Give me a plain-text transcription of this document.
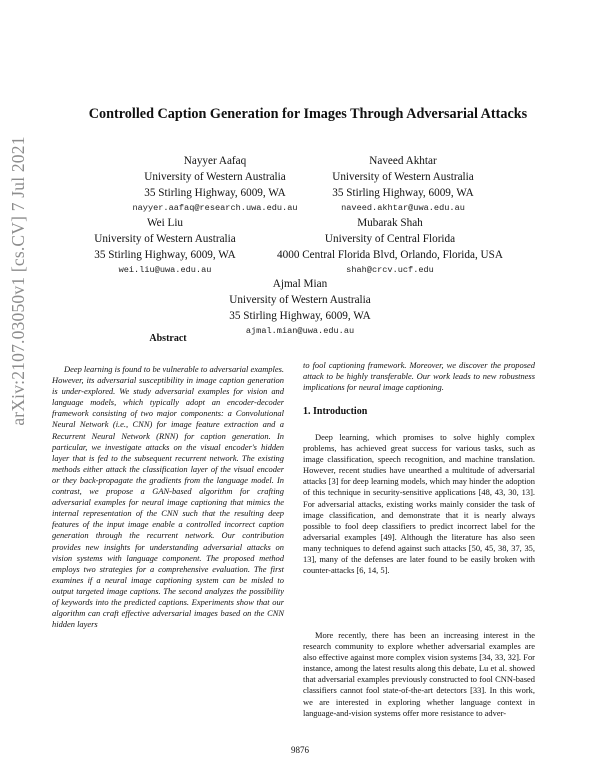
arXiv:2107.03050v1 [cs.CV] 7 Jul 2021
Controlled Caption Generation for Images Through Adversarial Attacks
Nayyer Aafaq
University of Western Australia
35 Stirling Highway, 6009, WA
nayyer.aafaq@research.uwa.edu.au
Naveed Akhtar
University of Western Australia
35 Stirling Highway, 6009, WA
naveed.akhtar@uwa.edu.au
Wei Liu
University of Western Australia
35 Stirling Highway, 6009, WA
wei.liu@uwa.edu.au
Mubarak Shah
University of Central Florida
4000 Central Florida Blvd, Orlando, Florida, USA
shah@crcv.ucf.edu
Ajmal Mian
University of Western Australia
35 Stirling Highway, 6009, WA
ajmal.mian@uwa.edu.au
Abstract

Deep learning is found to be vulnerable to adversarial examples. However, its adversarial susceptibility in image caption generation is under-explored. We study adversarial examples for vision and language models, which typically adopt an encoder-decoder framework consisting of two major components: a Convolutional Neural Network (i.e., CNN) for image feature extraction and a Recurrent Neural Network (RNN) for caption generation. In particular, we investigate attacks on the visual encoder's hidden layer that is fed to the subsequent recurrent network. The existing methods either attack the classification layer of the visual encoder or they back-propagate the gradients from the language model. In contrast, we propose a GAN-based algorithm for crafting adversarial examples for neural image captioning that mimics the internal representation of the CNN such that the resulting deep features of the input image enable a controlled incorrect caption generation through the recurrent network. Our contribution provides new insights for understanding adversarial attacks on vision systems with language component. The proposed method employs two strategies for a comprehensive evaluation. The first examines if a neural image captioning system can be misled to output targeted image captions. The second analyzes the possibility of keywords into the predicted captions. Experiments show that our algorithm can craft effective adversarial images based on the CNN hidden layers

to fool captioning framework. Moreover, we discover the proposed attack to be highly transferable. Our work leads to new robustness implications for neural image captioning.

1. Introduction

Deep learning, which promises to solve highly complex problems, has achieved great success for various tasks, such as image classification, speech recognition, and machine translation. However, recent studies have unearthed a multitude of adversarial attacks [3] for deep learning models, which may hinder the adoption of this technique in security-sensitive applications [48, 43, 30, 13]. For adversarial attacks, existing works mainly consider the task of image classification, and demonstrate that it is nearly always possible to fool deep classifiers to predict incorrect label for the adversarial examples [49]. Although the literature has also seen many techniques to defend against such attacks [50, 45, 38, 37, 35, 13], many of the defenses are later found to be easily broken with counter-attacks [6, 14, 5].

More recently, there has been an increasing interest in the research community to explore whether adversarial examples are also effective against more complex vision systems [34, 33, 32]. For instance, among the latest results along this debate, Lu et al. showed that adversarial examples previously constructed to fool CNN-based classifiers cannot fool state-of-the-art detectors [33]. In this work, we are interested in exploring whether language context in language-and-vision systems offer more resistance to adver-

9876
